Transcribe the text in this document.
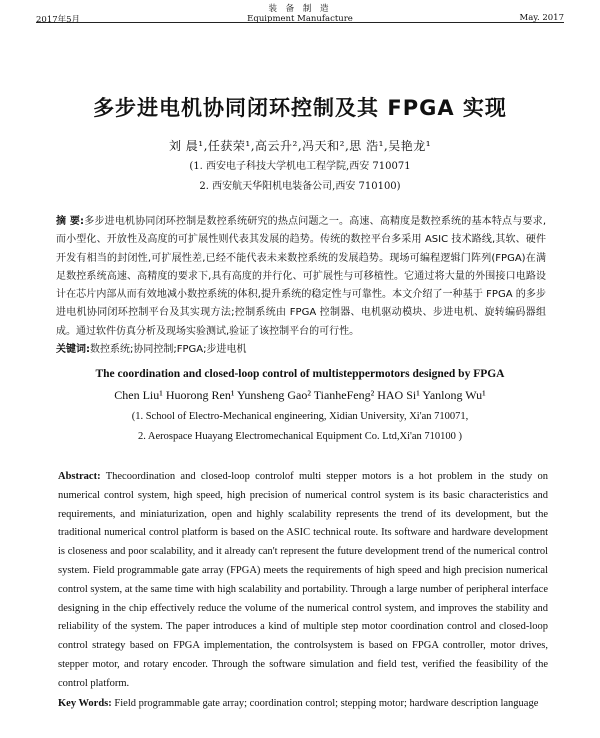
2017年5月
装 备 制 造
Equipment Manufacture	May. 2017
多步进电机协同闭环控制及其 FPGA 实现
刘 晨¹,任获荣¹,高云升²,冯天和²,思 浩¹,吴艳龙¹
(1. 西安电子科技大学机电工程学院,西安 710071
2. 西安航天华阳机电装备公司,西安 710100)
摘 要:多步进电机协同闭环控制是数控系统研究的热点问题之一。高速、高精度是数控系统的基本特点与要求,而小型化、开放性及高度的可扩展性则代表其发展的趋势。传统的数控平台多采用 ASIC 技术路线,其软、硬件开发有相当的封闭性,可扩展性差,已经不能代表未来数控系统的发展趋势。现场可编程逻辑门阵列(FPGA)在满足数控系统高速、高精度的要求下,具有高度的并行化、可扩展性与可移植性。它通过将大量的外围接口电路设计在芯片内部从而有效地减小数控系统的体积,提升系统的稳定性与可靠性。本文介绍了一种基于 FPGA 的多步进电机协同闭环控制平台及其实现方法;控制系统由 FPGA 控制器、电机驱动模块、步进电机、旋转编码器组成。通过软件仿真分析及现场实验测试,验证了该控制平台的可行性。
关键词:数控系统;协同控制;FPGA;步进电机
The coordination and closed-loop control of multisteppermotors designed by FPGA
Chen Liu¹ Huorong Ren¹ Yunsheng Gao² TianheFeng² HAO Si¹ Yanlong Wu¹
(1. School of Electro-Mechanical engineering, Xidian University, Xi'an 710071,
2. Aerospace Huayang Electromechanical Equipment Co. Ltd,Xi'an 710100 )
Abstract: Thecoordination and closed-loop controlof multi stepper motors is a hot problem in the study on numerical control system, high speed, high precision of numerical control system is its basic characteristics and requirements, and miniaturization, open and highly scalability represents the trend of its development, but the traditional numerical control platform is based on the ASIC technical route. Its software and hardware development is closeness and poor scalability, and it already can't represent the future development trend of the numerical control system. Field programmable gate array (FPGA) meets the requirements of high speed and high precision numerical control system, at the same time with high scalability and portability. Through a large number of peripheral interface designing in the chip effectively reduce the volume of the numerical control system, and improves the stability and reliability of the system. The paper introduces a kind of multiple step motor coordination control and closed-loop control strategy based on FPGA implementation, the controlsystem is based on FPGA controller, motor drives, stepper motor, and rotary encoder. Through the software simulation and field test, verified the feasibility of the control platform.
Key Words: Field programmable gate array; coordination control; stepping motor; hardware description language
